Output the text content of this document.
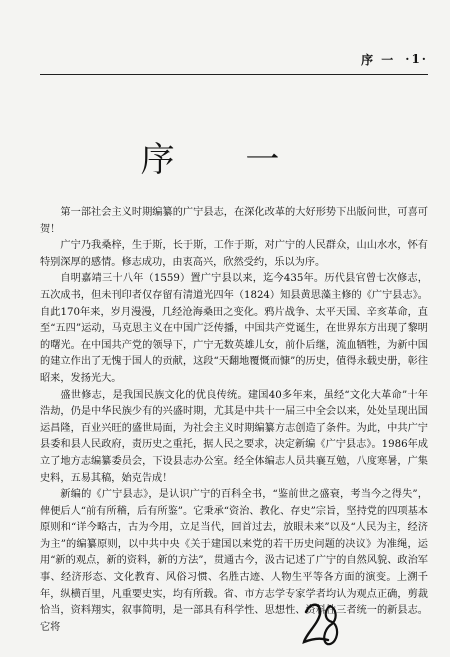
序 一 ·1·
序 一

第一部社会主义时期编纂的广宁县志，在深化改革的大好形势下出版问世，可喜可贺！

广宁乃我桑梓，生于斯，长于斯，工作于斯，对广宁的人民群众，山山水水，怀有特别深厚的感情。修志成功，由衷高兴，欣然受约，乐以为序。

自明嘉靖三十八年（1559）置广宁县以来，迄今435年。历代县官曾七次修志，五次成书，但未刊印者仅存留有清道光四年（1824）知县黄思藻主修的《广宁县志》。自此170年来，岁月漫漫，几经沧海桑田之变化。鸦片战争、太平天国、辛亥革命，直至“五四”运动，马克思主义在中国广泛传播，中国共产党诞生，在世界东方出现了黎明的曙光。在中国共产党的领导下，广宁无数英雄儿女，前仆后继，流血牺牲，为新中国的建立作出了无愧于国人的贡献，这段“天翻地覆慨而慷”的历史，值得永载史册，彰往昭来，发扬光大。

盛世修志，是我国民族文化的优良传统。建国40多年来，虽经“文化大革命”十年浩劫，仍是中华民族少有的兴盛时期，尤其是中共十一届三中全会以来，处处呈现出国运昌隆，百业兴旺的盛世局面，为社会主义时期编纂方志创造了条件。为此，中共广宁县委和县人民政府，责历史之重托，据人民之要求，决定新编《广宁县志》。1986年成立了地方志编纂委员会，下设县志办公室。经全体编志人员共襄互勉，八度寒暑，广集史料，五易其稿，始克告成！

新编的《广宁县志》，是认识广宁的百科全书，“鉴前世之盛衰，考当今之得失”，俾便后人“前有所稽，后有所鉴”。它秉承“资治、教化、存史”宗旨，坚持党的四项基本原则和“详今略古，古为今用，立足当代，回首过去，放眼未来”以及“人民为主，经济为主”的编纂原则，以中共中央《关于建国以来党的若干历史问题的决议》为准绳，运用“新的观点，新的资料，新的方法”，贯通古今，汲古记述了广宁的自然风貌、政治军事、经济形态、文化教育、风俗习惯、名胜古迹、人物生平等各方面的演变。上溯千年，纵横百里，凡重要史实，均有所载。省、市方志学专家学者均认为观点正确，剪裁恰当，资料翔实，叙事简明，是一部具有科学性、思想性、资料性三者统一的新县志。它将
